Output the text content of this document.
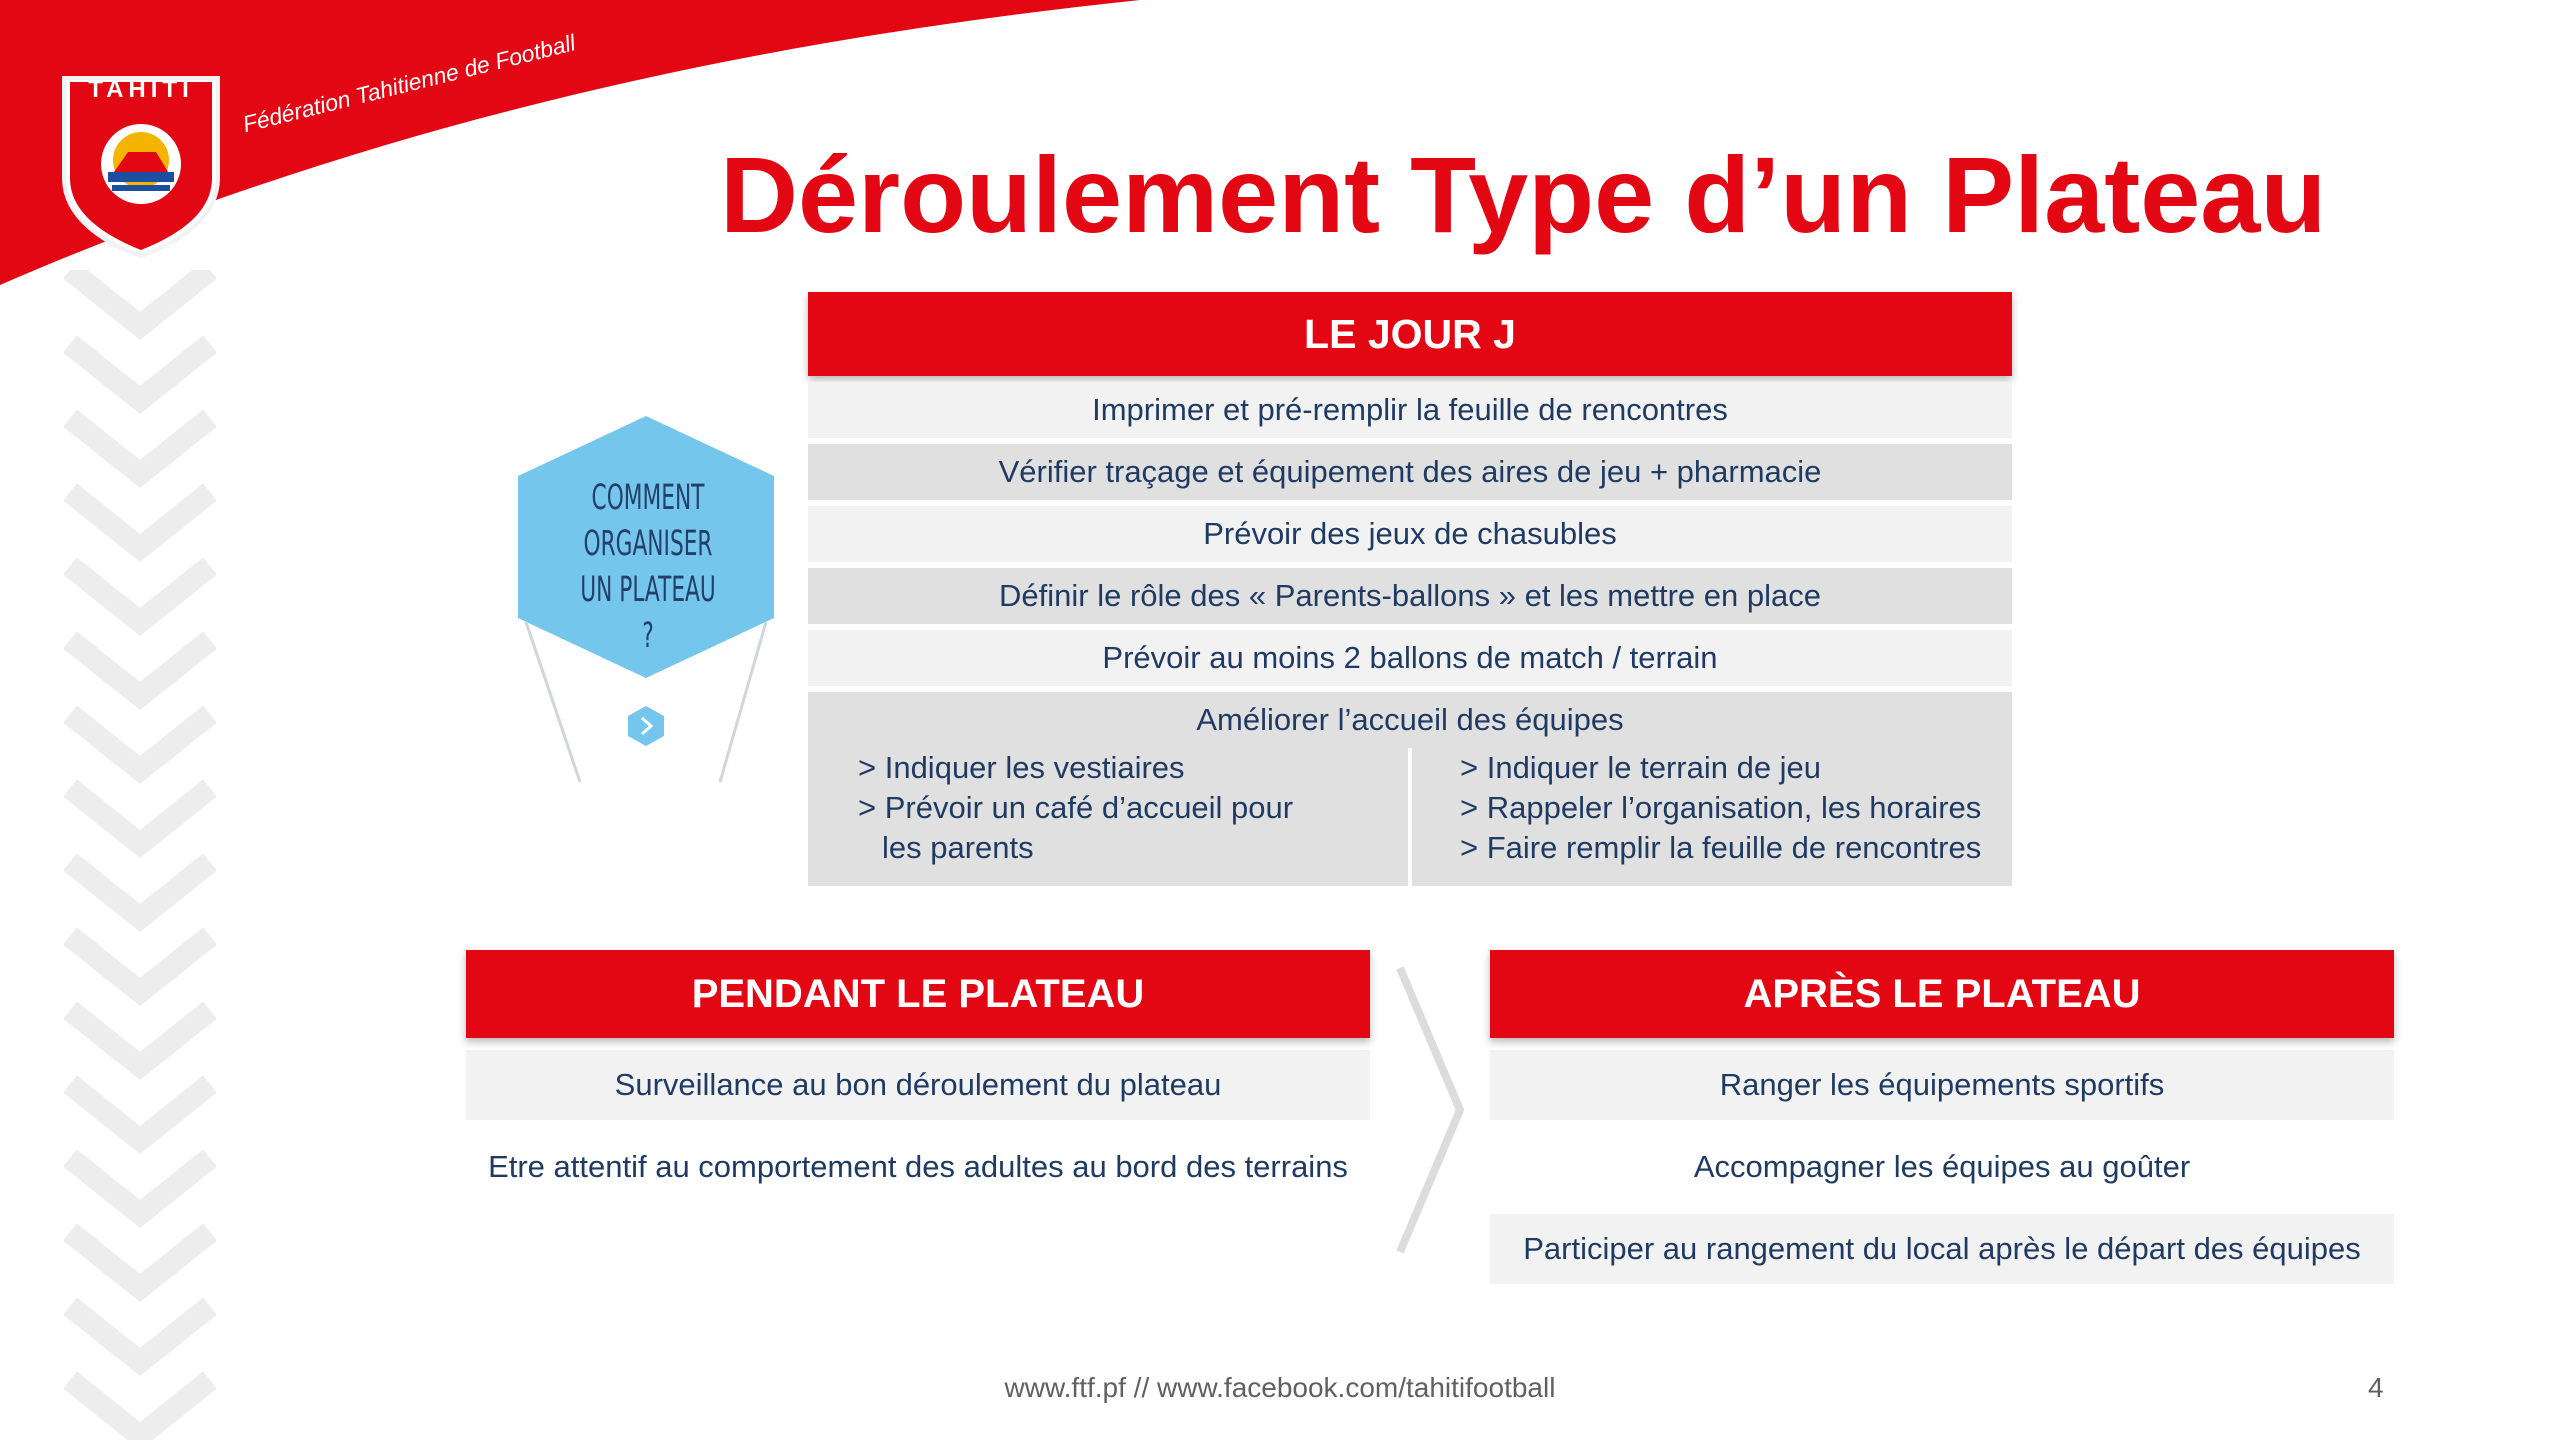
TAHITI
FTF
Fédération Tahitienne de Football
Déroulement Type d’un Plateau
COMMENT
ORGANISER
UN PLATEAU ?
LE JOUR J
Imprimer et pré-remplir la feuille de rencontres
Vérifier traçage et équipement des aires de jeu + pharmacie
Prévoir des jeux de chasubles
Définir le rôle des « Parents-ballons » et les mettre en place
Prévoir au moins 2 ballons de match / terrain
Améliorer l’accueil des équipes
> Indiquer les vestiaires
> Prévoir un café d’accueil pour
les parents
> Indiquer le terrain de jeu
> Rappeler l’organisation, les horaires
> Faire remplir la feuille de rencontres
PENDANT LE PLATEAU
Surveillance au bon déroulement du plateau
Etre attentif au comportement des adultes au bord des terrains
APRÈS LE PLATEAU
Ranger les équipements sportifs
Accompagner les équipes au goûter
Participer au rangement du local après le départ des équipes
www.ftf.pf // www.facebook.com/tahitifootball	4
